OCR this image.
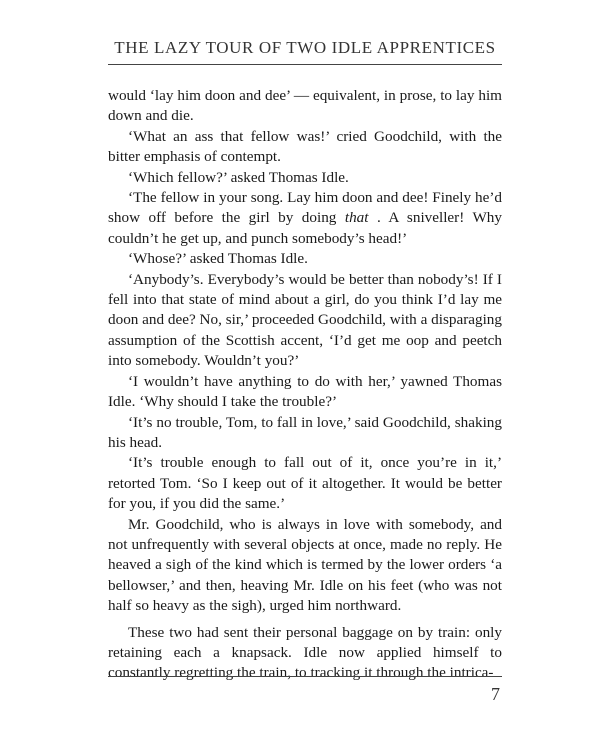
THE LAZY TOUR OF TWO IDLE APPRENTICES

would ‘lay him doon and dee’ — equivalent, in prose, to lay him down and die.

‘What an ass that fellow was!’ cried Goodchild, with the bitter emphasis of contempt.

‘Which fellow?’ asked Thomas Idle.

‘The fellow in your song. Lay him doon and dee! Finely he’d show off before the girl by doing that . A sniveller! Why couldn’t he get up, and punch somebody’s head!’

‘Whose?’ asked Thomas Idle.

‘Anybody’s. Everybody’s would be better than nobody’s! If I fell into that state of mind about a girl, do you think I’d lay me doon and dee? No, sir,’ proceeded Goodchild, with a disparaging assumption of the Scottish accent, ‘I’d get me oop and peetch into somebody. Wouldn’t you?’

‘I wouldn’t have anything to do with her,’ yawned Thomas Idle. ‘Why should I take the trouble?’

‘It’s no trouble, Tom, to fall in love,’ said Goodchild, shaking his head.

‘It’s trouble enough to fall out of it, once you’re in it,’ retorted Tom. ‘So I keep out of it altogether. It would be better for you, if you did the same.’

Mr. Goodchild, who is always in love with somebody, and not unfrequently with several objects at once, made no reply. He heaved a sigh of the kind which is termed by the lower orders ‘a bellowser,’ and then, heaving Mr. Idle on his feet (who was not half so heavy as the sigh), urged him northward.

These two had sent their personal baggage on by train: only retaining each a knapsack. Idle now applied himself to constantly regretting the train, to tracking it through the intrica-

7
